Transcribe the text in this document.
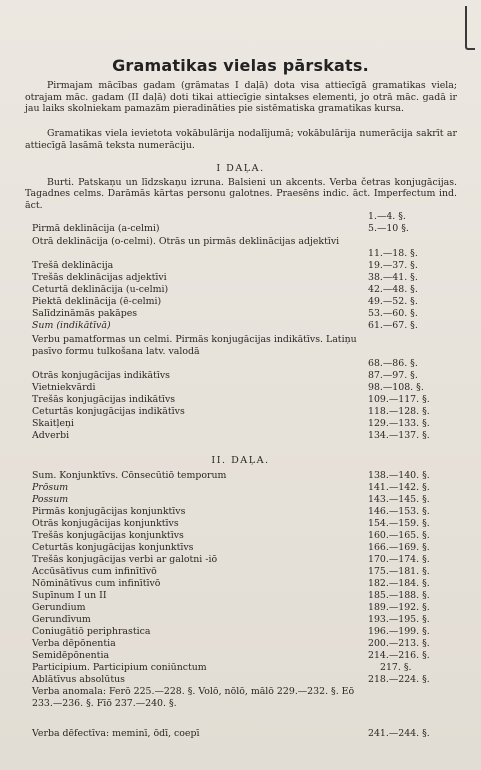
Gramatikas vielas pārskats.
Pirmajam mācības gadam (grāmatas I daļā) dota visa attiecīgā gramatikas viela; otrajam māc. gadam (II daļā) doti tikai attiecīgie sintakses elementi, jo otrā māc. gadā ir jau laiks skolniekam pamazām pieradināties pie sistēmatiska gramatikas kursa.
Gramatikas viela ievietota vokābulārija nodalījumā; vokābulārija numerācija sakrīt ar attiecīgā lasāmā teksta numerāciju.
I DAĻA.
Burti. Patskaņu un līdzskaņu izruna. Balsieni un akcents. Verba četras konjugācijas. Tagadnes celms. Darāmās kārtas personu galotnes. Praesēns indic. āct. Imperfectum ind. āct.
1.—4. §.
Pirmā deklinācija (a-celmi)	5.—10 §.
Otrā deklinācija (o-celmi). Otrās un pirmās deklinācijas adjektīvi
11.—18. §.
Trešā deklinācija	19.—37. §.
Trešās deklinācijas adjektīvi	38.—41. §.
Ceturtā deklinācija (u-celmi)	42.—48. §.
Piektā deklinācija (ē-celmi)	49.—52. §.
Salīdzināmās pakāpes	53.—60. §.
Sum (indikātīvā)	61.—67. §.
Verbu pamatformas un celmi. Pirmās konjugācijas indikātīvs. Latiņu pasīvo formu tulkošana latv. valodā
68.—86. §.
Otrās konjugācijas indikātīvs	87.—97. §.
Vietniekvārdi	98.—108. §.
Trešās konjugācijas indikātīvs	109.—117. §.
Ceturtās konjugācijas indikātīvs	118.—128. §.
Skaitļeņi	129.—133. §.
Adverbi	134.—137. §.
II. DAĻA.
Sum. Konjunktīvs. Cōnsecūtiō temporum	138.—140. §.
Prōsum	141.—142. §.
Possum	143.—145. §.
Pirmās konjugācijas konjunktīvs	146.—153. §.
Otrās konjugācijas konjunktīvs	154.—159. §.
Trešās konjugācijas konjunktīvs	160.—165. §.
Ceturtās konjugācijas konjunktīvs	166.—169. §.
Trešās konjugācijas verbi ar galotni -iō	170.—174. §.
Accūsātīvus cum infinītīvō	175.—181. §.
Nōminātīvus cum infinītīvō	182.—184. §.
Supīnum I un II	185.—188. §.
Gerundium	189.—192. §.
Gerundīvum	193.—195. §.
Coniugātiō periphrastica	196.—199. §.
Verba dēpōnentia	200.—213. §.
Semidēpōnentia	214.—216. §.
Participium. Participium coniūnctum	217. §.
Ablātīvus absolūtus	218.—224. §.
Verba anomala: Ferō 225.—228. §. Volō, nōlō, mālō 229.—232. §. Eō 233.—236. §. Fīō 237.—240. §.
Verba dēfectīva: meminī, ōdī, coepī	241.—244. §.
